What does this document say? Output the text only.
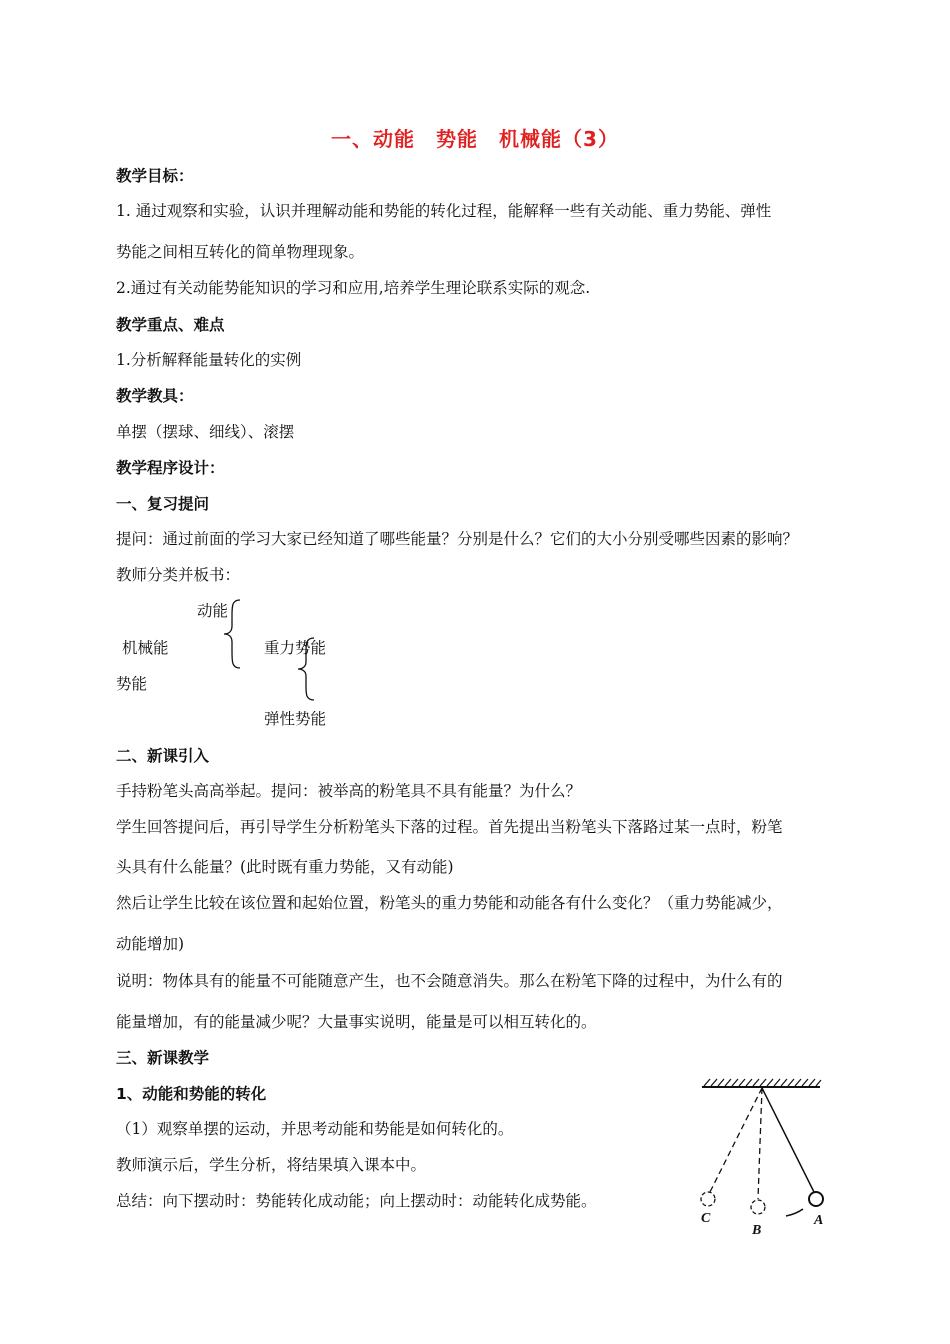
一、动能　势能　机械能（3）
教学目标：
1. 通过观察和实验，认识并理解动能和势能的转化过程，能解释一些有关动能、重力势能、弹性
势能之间相互转化的简单物理现象。
2.通过有关动能势能知识的学习和应用,培养学生理论联系实际的观念.
教学重点、难点
1.分析解释能量转化的实例
教学教具：
单摆（摆球、细线）、滚摆
教学程序设计：
一、复习提问
提问：通过前面的学习大家已经知道了哪些能量？分别是什么？它们的大小分别受哪些因素的影响？
教师分类并板书：
动能
机械能	重力势能
势能
弹性势能
二、新课引入
手持粉笔头高高举起。提问：被举高的粉笔具不具有能量？为什么？
学生回答提问后，再引导学生分析粉笔头下落的过程。首先提出当粉笔头下落路过某一点时，粉笔
头具有什么能量？(此时既有重力势能，又有动能)
然后让学生比较在该位置和起始位置，粉笔头的重力势能和动能各有什么变化？（重力势能减少，
动能增加)
说明：物体具有的能量不可能随意产生，也不会随意消失。那么在粉笔下降的过程中，为什么有的
能量增加，有的能量减少呢？大量事实说明，能量是可以相互转化的。
三、新课教学
1、动能和势能的转化
（1）观察单摆的运动，并思考动能和势能是如何转化的。
教师演示后，学生分析，将结果填入课本中。
总结：向下摆动时：势能转化成动能；向上摆动时：动能转化成势能。
C
B
A
